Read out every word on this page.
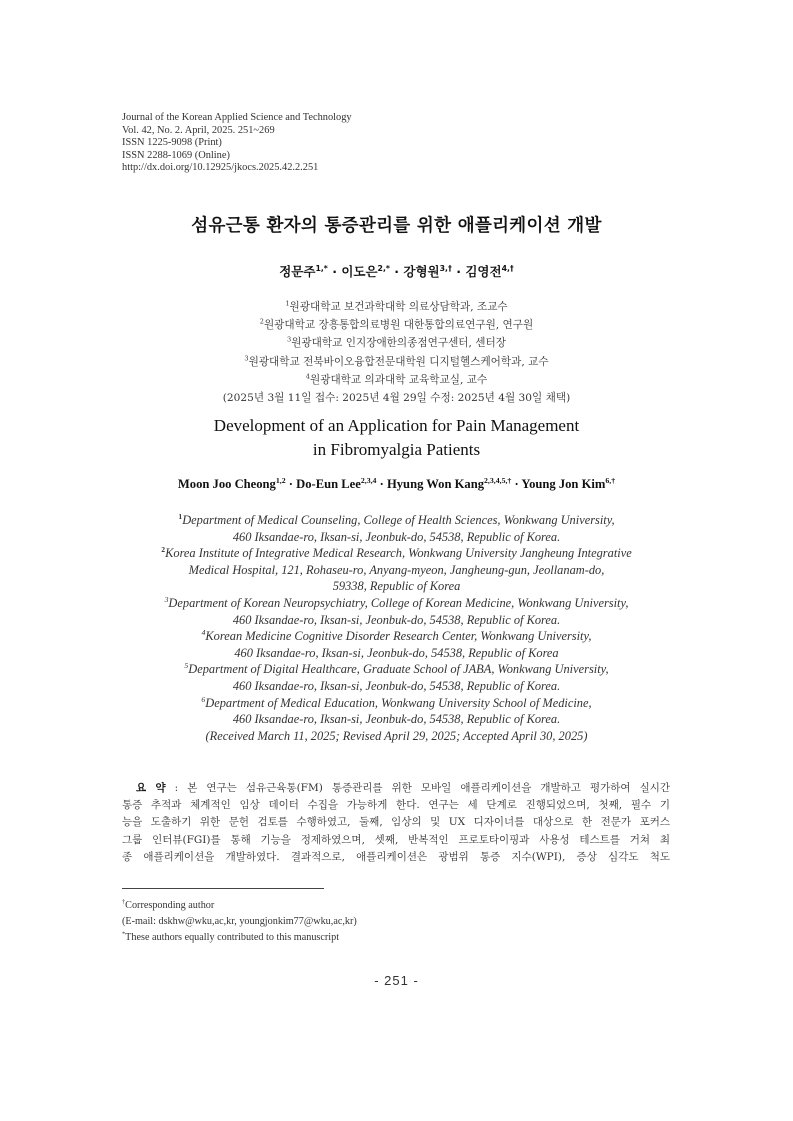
Journal of the Korean Applied Science and Technology
Vol. 42, No. 2. April, 2025. 251~269
ISSN 1225-9098 (Print)
ISSN 2288-1069 (Online)
http://dx.doi.org/10.12925/jkocs.2025.42.2.251
섬유근통 환자의 통증관리를 위한 애플리케이션 개발
정문주$^{1,*}$ · 이도은$^{2,*}$ · 강형원$^{3,\dagger}$ · 김영전$^{4,\dagger}$
$^1$원광대학교 보건과학대학 의료상담학과, 조교수
$^2$원광대학교 장흥통합의료병원 대한통합의료연구원, 연구원
$^3$원광대학교 인지장애한의종점연구센터, 센터장
$^3$원광대학교 전북바이오융합전문대학원 디지털헬스케어학과, 교수
$^4$원광대학교 의과대학 교육학교실, 교수
(2025년 3월 11일 접수: 2025년 4월 29일 수정: 2025년 4월 30일 채택)
Development of an Application for Pain Management
in Fibromyalgia Patients
Moon Joo Cheong$^{1,2}$ · Do-Eun Lee$^{2,3,4}$ · Hyung Won Kang$^{2,3,4,5,\dagger}$ · Young Jon Kim$^{6,\dagger}$
$^1$Department of Medical Counseling, College of Health Sciences, Wonkwang University,
460 Iksandae-ro, Iksan-si, Jeonbuk-do, 54538, Republic of Korea.
$^2$Korea Institute of Integrative Medical Research, Wonkwang University Jangheung Integrative
Medical Hospital, 121, Rohaseu-ro, Anyang-myeon, Jangheung-gun, Jeollanam-do,
59338, Republic of Korea
$^3$Department of Korean Neuropsychiatry, College of Korean Medicine, Wonkwang University,
460 Iksandae-ro, Iksan-si, Jeonbuk-do, 54538, Republic of Korea.
$^4$Korean Medicine Cognitive Disorder Research Center, Wonkwang University,
460 Iksandae-ro, Iksan-si, Jeonbuk-do, 54538, Republic of Korea
$^5$Department of Digital Healthcare, Graduate School of JABA, Wonkwang University,
460 Iksandae-ro, Iksan-si, Jeonbuk-do, 54538, Republic of Korea.
$^6$Department of Medical Education, Wonkwang University School of Medicine,
460 Iksandae-ro, Iksan-si, Jeonbuk-do, 54538, Republic of Korea.
(Received March 11, 2025; Revised April 29, 2025; Accepted April 30, 2025)
요 약 : 본 연구는 섬유근육통(FM) 통증관리를 위한 모바일 애플리케이션을 개발하고 평가하여 실시간
통증 추적과 체계적인 임상 데이터 수집을 가능하게 한다. 연구는 세 단계로 진행되었으며, 첫째, 필수 기
능을 도출하기 위한 문헌 검토를 수행하였고, 둘째, 임상의 및 UX 디자이너를 대상으로 한 전문가 포커스
그룹 인터뷰(FGI)를 통해 기능을 정제하였으며, 셋째, 반복적인 프로토타이핑과 사용성 테스트를 거쳐 최
종 애플리케이션을 개발하였다. 결과적으로, 애플리케이션은 광범위 통증 지수(WPI), 증상 심각도 척도
†Corresponding author
(E-mail: dskhw@wku,ac,kr, youngjonkim77@wku,ac,kr)
*These authors equally contributed to this manuscript
- 251 -
